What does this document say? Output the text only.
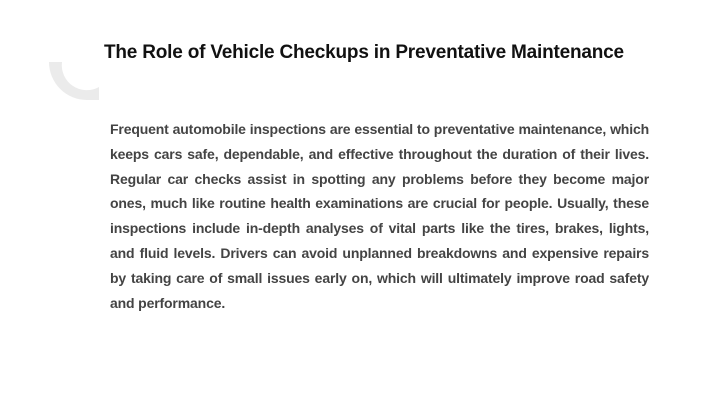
The Role of Vehicle Checkups in Preventative Maintenance

Frequent automobile inspections are essential to preventative maintenance, which keeps cars safe, dependable, and effective throughout the duration of their lives. Regular car checks assist in spotting any problems before they become major ones, much like routine health examinations are crucial for people. Usually, these inspections include in-depth analyses of vital parts like the tires, brakes, lights, and fluid levels. Drivers can avoid unplanned breakdowns and expensive repairs by taking care of small issues early on, which will ultimately improve road safety and performance.
